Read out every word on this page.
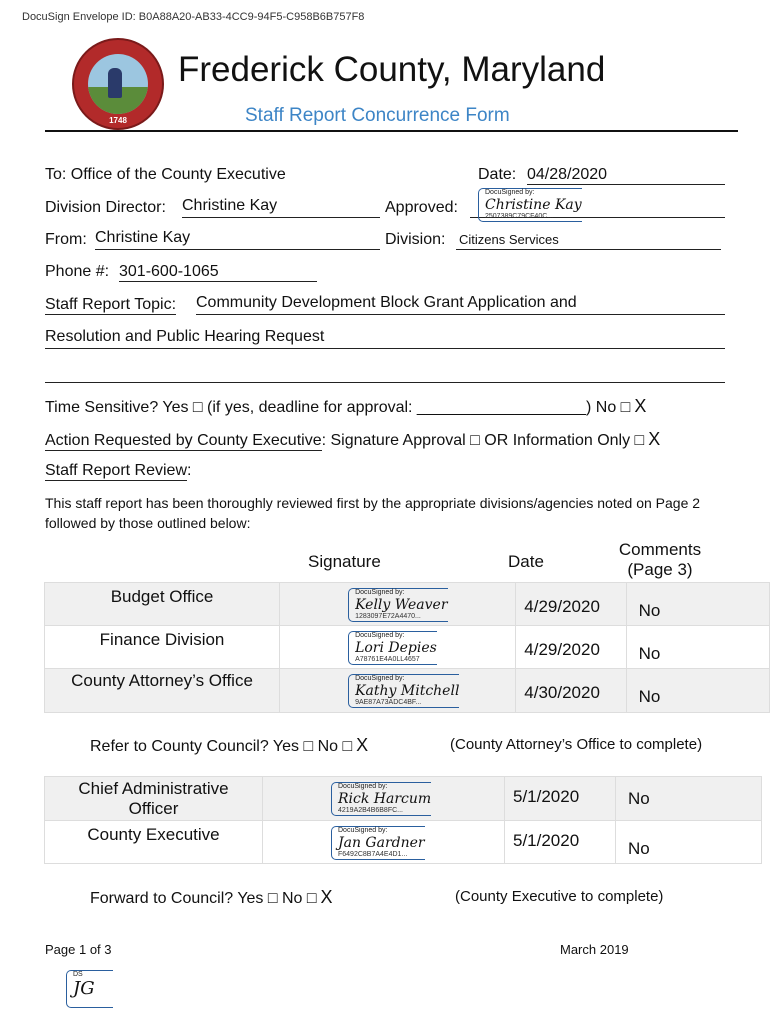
DocuSign Envelope ID: B0A88A20-AB33-4CC9-94F5-C958B6B757F8
1748
Frederick County, Maryland
Staff Report Concurrence Form
To: Office of the County Executive	Date: 04/28/2020
Division Director: Christine Kay	Approved:
DocuSigned by:
Christine Kay
2507389C79CF40C...
From: Christine Kay	Division: Citizens Services
Phone #: 301-600-1065
Staff Report Topic: Community Development Block Grant Application and
Resolution and Public Hearing Request
Time Sensitive? Yes □ (if yes, deadline for approval: ___________________) No □ X
Action Requested by County Executive: Signature Approval □ OR Information Only □ X
Staff Report Review:
This staff report has been thoroughly reviewed first by the appropriate divisions/agencies noted on Page 2 followed by those outlined below:
Signature	Date
Comments (Page 3)
Budget Office	DocuSigned by:
Kelly Weaver
1283097E72A4470...	4/29/2020	No
Finance Division	DocuSigned by:
Lori Depies
A78761E4A0LL4657	4/29/2020	No
County Attorney’s Office	DocuSigned by:
Kathy Mitchell
9AE87A73ADC4BF...	4/30/2020	No
Refer to County Council? Yes □ No □ X	(County Attorney’s Office to complete)
Chief Administrative Officer	DocuSigned by:
Rick Harcum
4219A2B4B6B8FC...	5/1/2020	No
County Executive	DocuSigned by:
Jan Gardner
F6492C8B7A4E4D1...	5/1/2020	No
Forward to Council? Yes □ No □ X	(County Executive to complete)
Page 1 of 3	March 2019
DS
JG
